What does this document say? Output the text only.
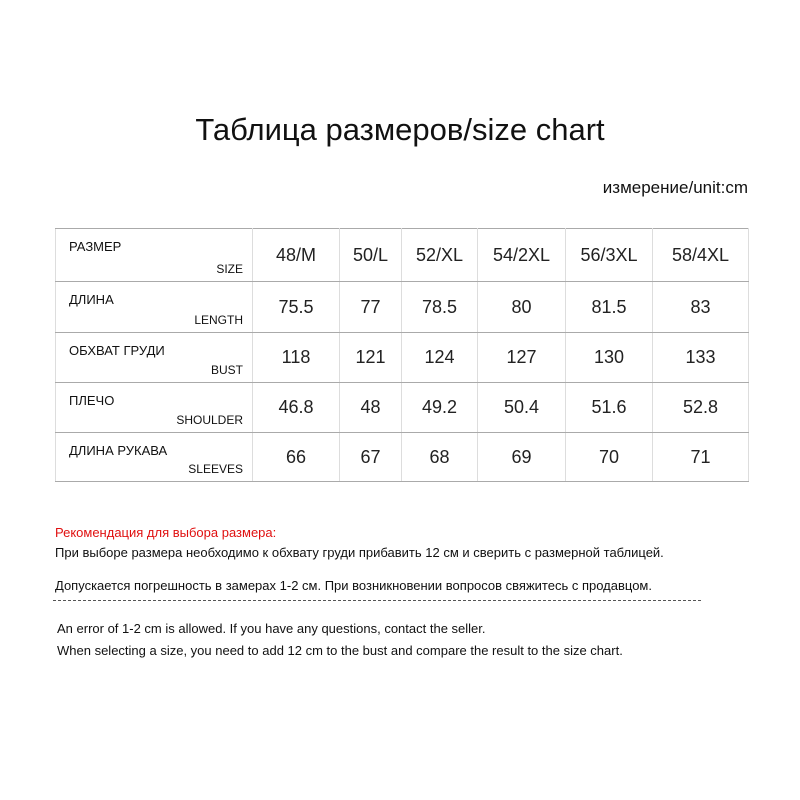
Таблица размеров/size chart
измерение/unit:cm
РАЗМЕР
SIZE	48/M	50/L	52/XL	54/2XL	56/3XL	58/4XL

ДЛИНА
LENGTH	75.5	77	78.5	80	81.5	83

ОБХВАТ ГРУДИ
BUST	118	121	124	127	130	133

ПЛЕЧО
SHOULDER	46.8	48	49.2	50.4	51.6	52.8

ДЛИНА РУКАВА
SLEEVES	66	67	68	69	70	71
Рекомендация для выбора размера:
При выборе размера необходимо к обхвату груди прибавить 12 см и сверить с размерной таблицей.
Допускается погрешность в замерах 1-2 см. При возникновении вопросов свяжитесь с продавцом.
An error of 1-2 cm is allowed. If you have any questions, contact the seller.
When selecting a size, you need to add 12 cm to the bust and compare the result to the size chart.
